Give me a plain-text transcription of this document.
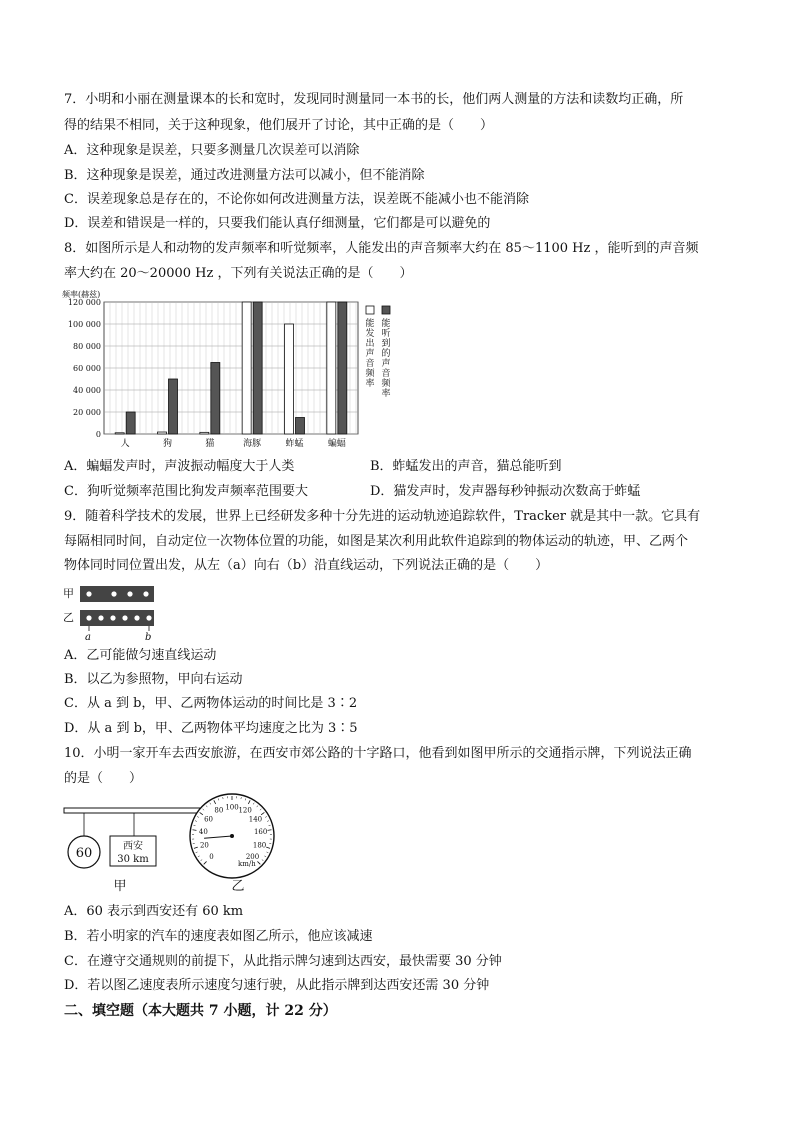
7．小明和小丽在测量课本的长和宽时，发现同时测量同一本书的长，他们两人测量的方法和读数均正确，所
得的结果不相同，关于这种现象，他们展开了讨论，其中正确的是（　　）
A．这种现象是误差，只要多测量几次误差可以消除
B．这种现象是误差，通过改进测量方法可以减小，但不能消除
C．误差现象总是存在的，不论你如何改进测量方法，误差既不能减小也不能消除
D．误差和错误是一样的，只要我们能认真仔细测量，它们都是可以避免的
8．如图所示是人和动物的发声频率和听觉频率，人能发出的声音频率大约在 85～1100 Hz ，能听到的声音频
率大约在 20～20000 Hz ，下列有关说法正确的是（　　）
0
20 000
40 000
60 000
80 000
100 000
120 000
人	狗	猫	海豚	蚱蜢	蝙蝠
能发出声音频率
能听到的声音频率
频率(赫兹)
A．蝙蝠发声时，声波振动幅度大于人类	B．蚱蜢发出的声音，猫总能听到
C．狗听觉频率范围比狗发声频率范围要大	D．猫发声时，发声器每秒钟振动次数高于蚱蜢
9．随着科学技术的发展，世界上已经研发多种十分先进的运动轨迹追踪软件，Tracker 就是其中一款。它具有
每隔相同时间，自动定位一次物体位置的功能，如图是某次利用此软件追踪到的物体运动的轨迹，甲、乙两个
物体同时同位置出发，从左（a）向右（b）沿直线运动，下列说法正确的是（　　）
甲
乙
a	b
A．乙可能做匀速直线运动
B．以乙为参照物，甲向右运动
C．从 a 到 b，甲、乙两物体运动的时间比是 3∶2
D．从 a 到 b，甲、乙两物体平均速度之比为 3∶5
10．小明一家开车去西安旅游，在西安市郊公路的十字路口，他看到如图甲所示的交通指示牌，下列说法正确
的是（　　）
60	西安
30 km
甲
0
20
40
60
80 100 120
140
160
180
200
km/h
乙
A．60 表示到西安还有 60 km
B．若小明家的汽车的速度表如图乙所示，他应该减速
C．在遵守交通规则的前提下，从此指示牌匀速到达西安，最快需要 30 分钟
D．若以图乙速度表所示速度匀速行驶，从此指示牌到达西安还需 30 分钟
二、填空题（本大题共 7 小题，计 22 分）
